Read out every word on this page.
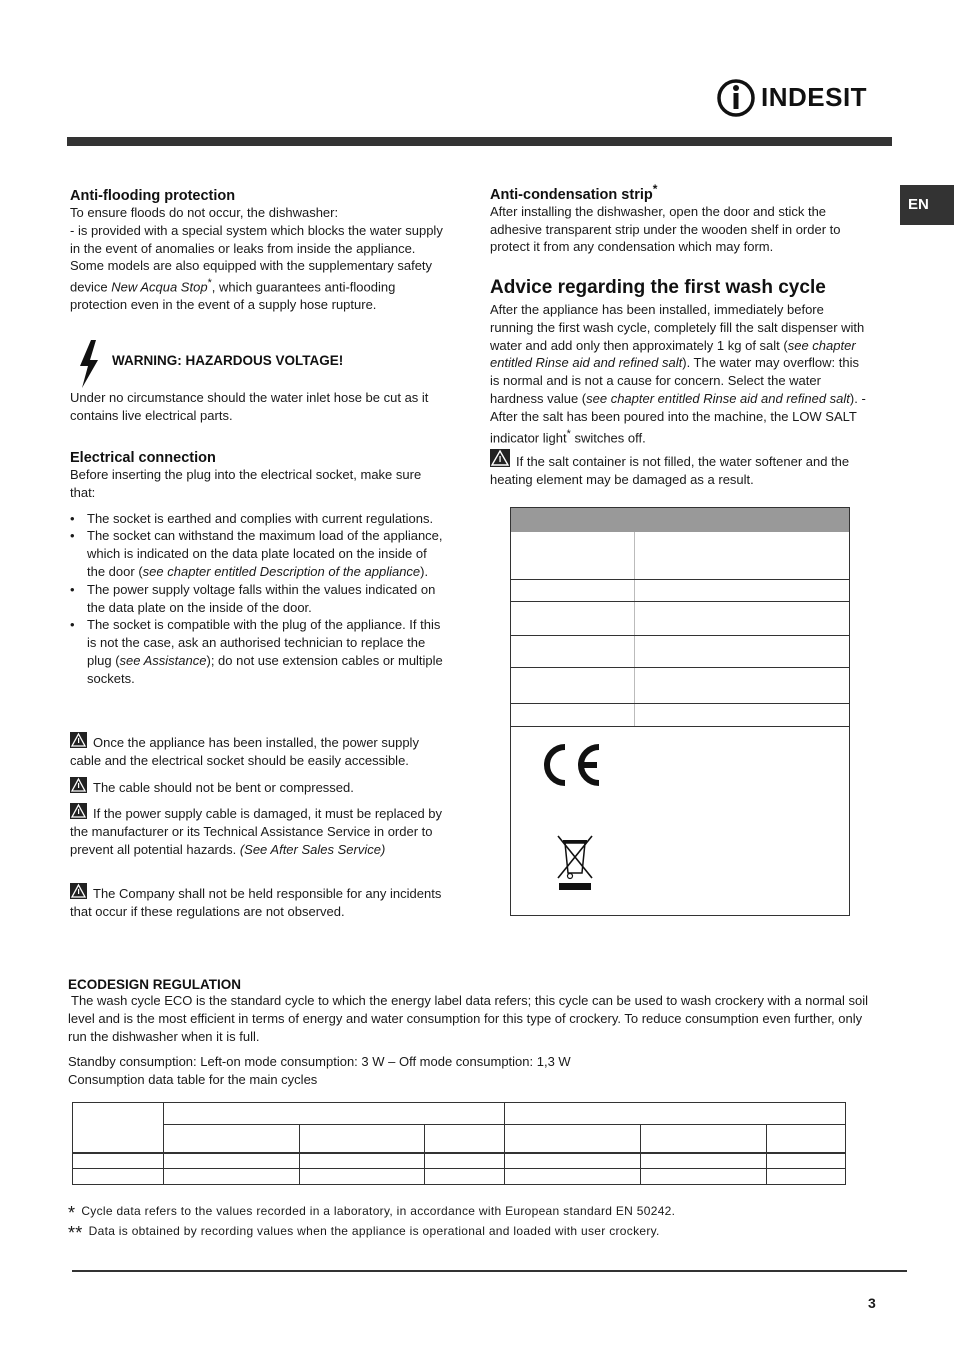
INDESIT
EN
Anti-flooding protection

To ensure floods do not occur, the dishwasher:

- is provided with a special system which blocks the water supply in the event of anomalies or leaks from inside the appliance.

Some models are also equipped with the supplementary safety device New Acqua Stop*, which guarantees anti-flooding protection even in the event of a supply hose rupture.

WARNING: HAZARDOUS VOLTAGE!

Under no circumstance should the water inlet hose be cut as it contains live electrical parts.

Electrical connection

Before inserting the plug into the electrical socket, make sure that:

• The socket is earthed and complies with current regulations.
• The socket can withstand the maximum load of the appliance, which is indicated on the data plate located on the inside of the door (see chapter entitled Description of the appliance).
• The power supply voltage falls within the values indicated on the data plate on the inside of the door.
• The socket is compatible with the plug of the appliance. If this is not the case, ask an authorised technician to replace the plug (see Assistance); do not use extension cables or multiple sockets.

Once the appliance has been installed, the power supply cable and the electrical socket should be easily accessible.

The cable should not be bent or compressed.

If the power supply cable is damaged, it must be replaced by the manufacturer or its Technical Assistance Service in order to prevent all potential hazards. (See After Sales Service)

The Company shall not be held responsible for any incidents that occur if these regulations are not observed.

Anti-condensation strip*

After installing the dishwasher, open the door and stick the adhesive transparent strip under the wooden shelf in order to protect it from any condensation which may form.

Advice regarding the first wash cycle

After the appliance has been installed, immediately before running the first wash cycle, completely fill the salt dispenser with water and add only then approximately 1 kg of salt (see chapter entitled Rinse aid and refined salt). The water may overflow: this is normal and is not a cause for concern. Select the water hardness value (see chapter entitled Rinse aid and refined salt). - After the salt has been poured into the machine, the LOW SALT indicator light* switches off.

If the salt container is not filled, the water softener and the heating element may be damaged as a result.

ECODESIGN REGULATION

The wash cycle ECO is the standard cycle to which the energy label data refers; this cycle can be used to wash crockery with a normal soil level and is the most efficient in terms of energy and water consumption for this type of crockery. To reduce consumption even further, only run the dishwasher when it is full.

Standby consumption: Left-on mode consumption: 3 W – Off mode consumption: 1,3 W

Consumption data table for the main cycles

* Cycle data refers to the values recorded in a laboratory, in accordance with European standard EN 50242.

** Data is obtained by recording values when the appliance is operational and loaded with user crockery.

3
